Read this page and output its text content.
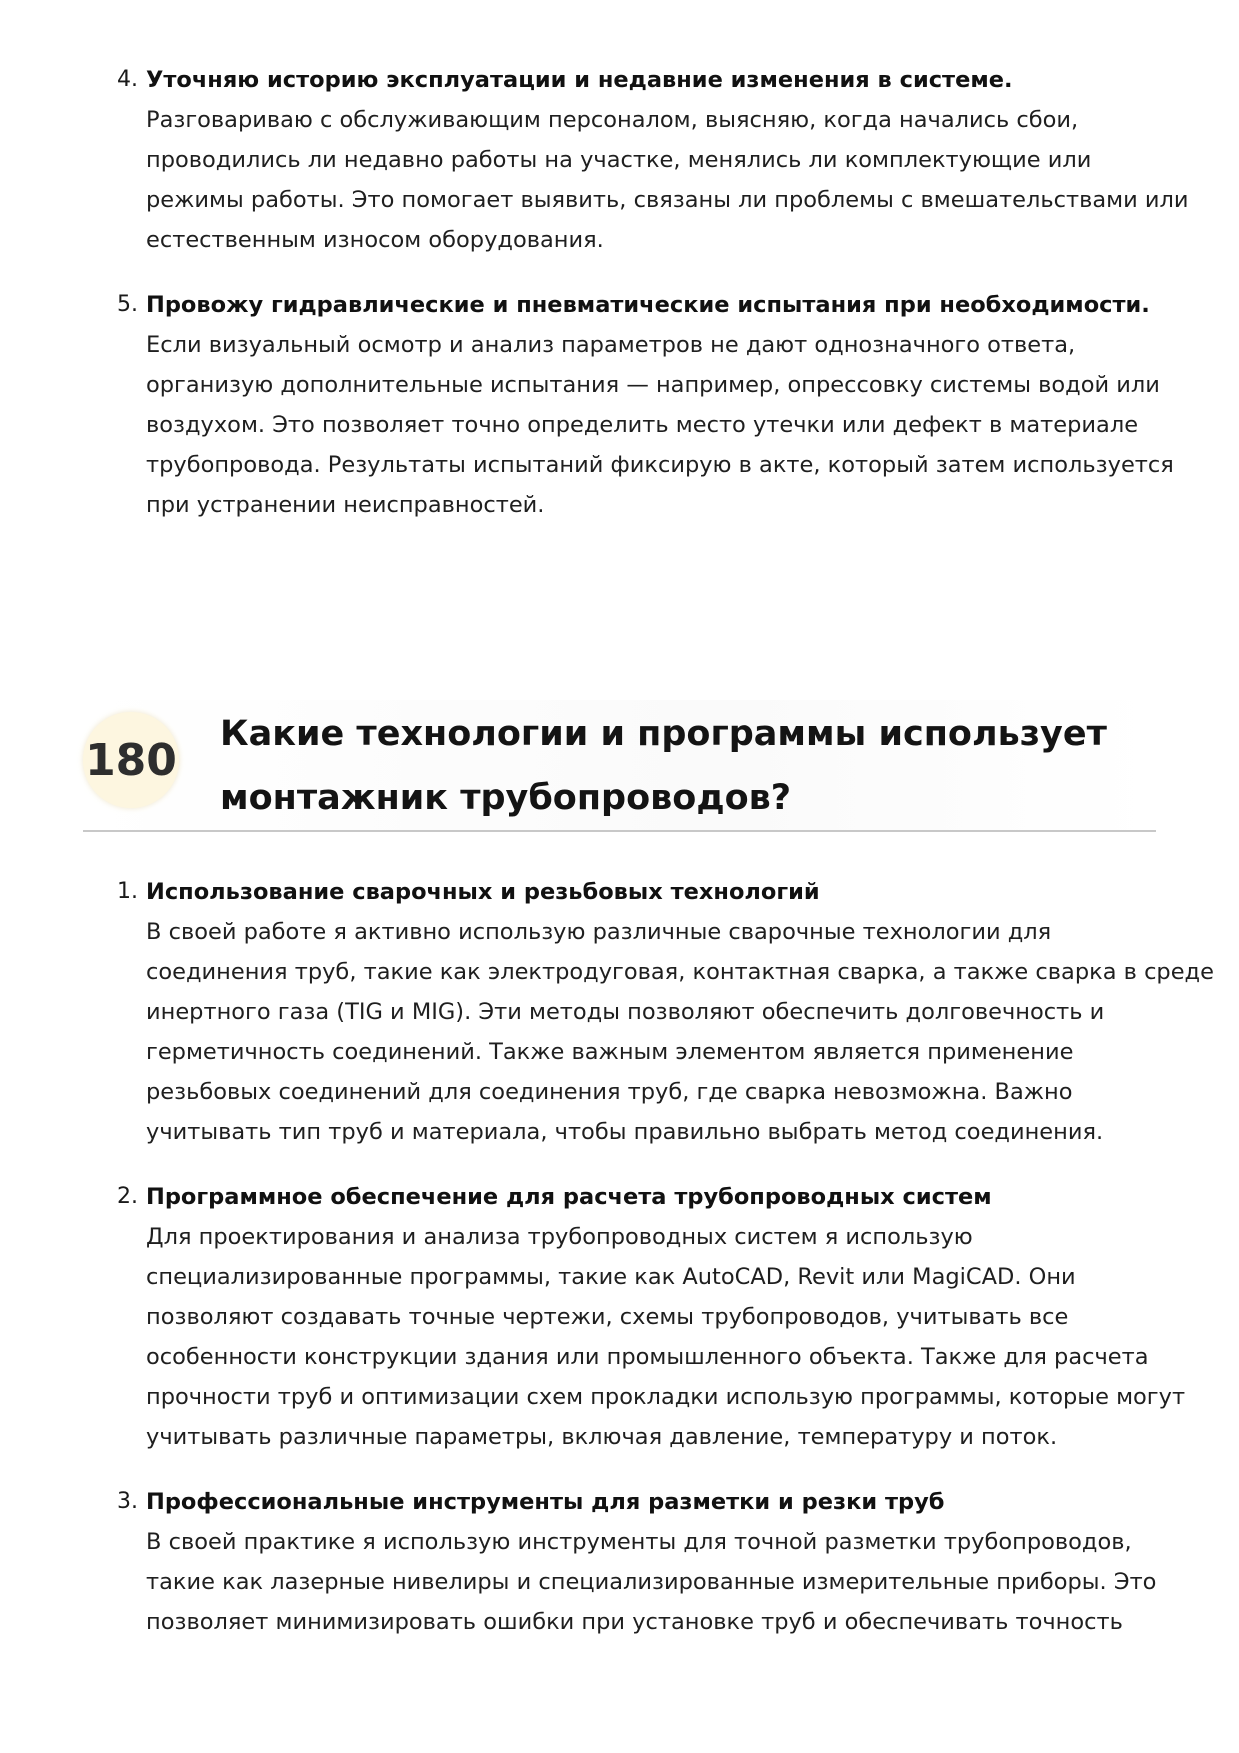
4. Уточняю историю эксплуатации и недавние изменения в системе.
Разговариваю с обслуживающим персоналом, выясняю, когда начались сбои,
проводились ли недавно работы на участке, менялись ли комплектующие или
режимы работы. Это помогает выявить, связаны ли проблемы с вмешательствами или
естественным износом оборудования.
5. Провожу гидравлические и пневматические испытания при необходимости.
Если визуальный осмотр и анализ параметров не дают однозначного ответа,
организую дополнительные испытания — например, опрессовку системы водой или
воздухом. Это позволяет точно определить место утечки или дефект в материале
трубопровода. Результаты испытаний фиксирую в акте, который затем используется
при устранении неисправностей.
180
Какие технологии и программы использует
монтажник трубопроводов?
1. Использование сварочных и резьбовых технологий
В своей работе я активно использую различные сварочные технологии для
соединения труб, такие как электродуговая, контактная сварка, а также сварка в среде
инертного газа (TIG и MIG). Эти методы позволяют обеспечить долговечность и
герметичность соединений. Также важным элементом является применение
резьбовых соединений для соединения труб, где сварка невозможна. Важно
учитывать тип труб и материала, чтобы правильно выбрать метод соединения.
2. Программное обеспечение для расчета трубопроводных систем
Для проектирования и анализа трубопроводных систем я использую
специализированные программы, такие как AutoCAD, Revit или MagiCAD. Они
позволяют создавать точные чертежи, схемы трубопроводов, учитывать все
особенности конструкции здания или промышленного объекта. Также для расчета
прочности труб и оптимизации схем прокладки использую программы, которые могут
учитывать различные параметры, включая давление, температуру и поток.
3. Профессиональные инструменты для разметки и резки труб
В своей практике я использую инструменты для точной разметки трубопроводов,
такие как лазерные нивелиры и специализированные измерительные приборы. Это
позволяет минимизировать ошибки при установке труб и обеспечивать точность
